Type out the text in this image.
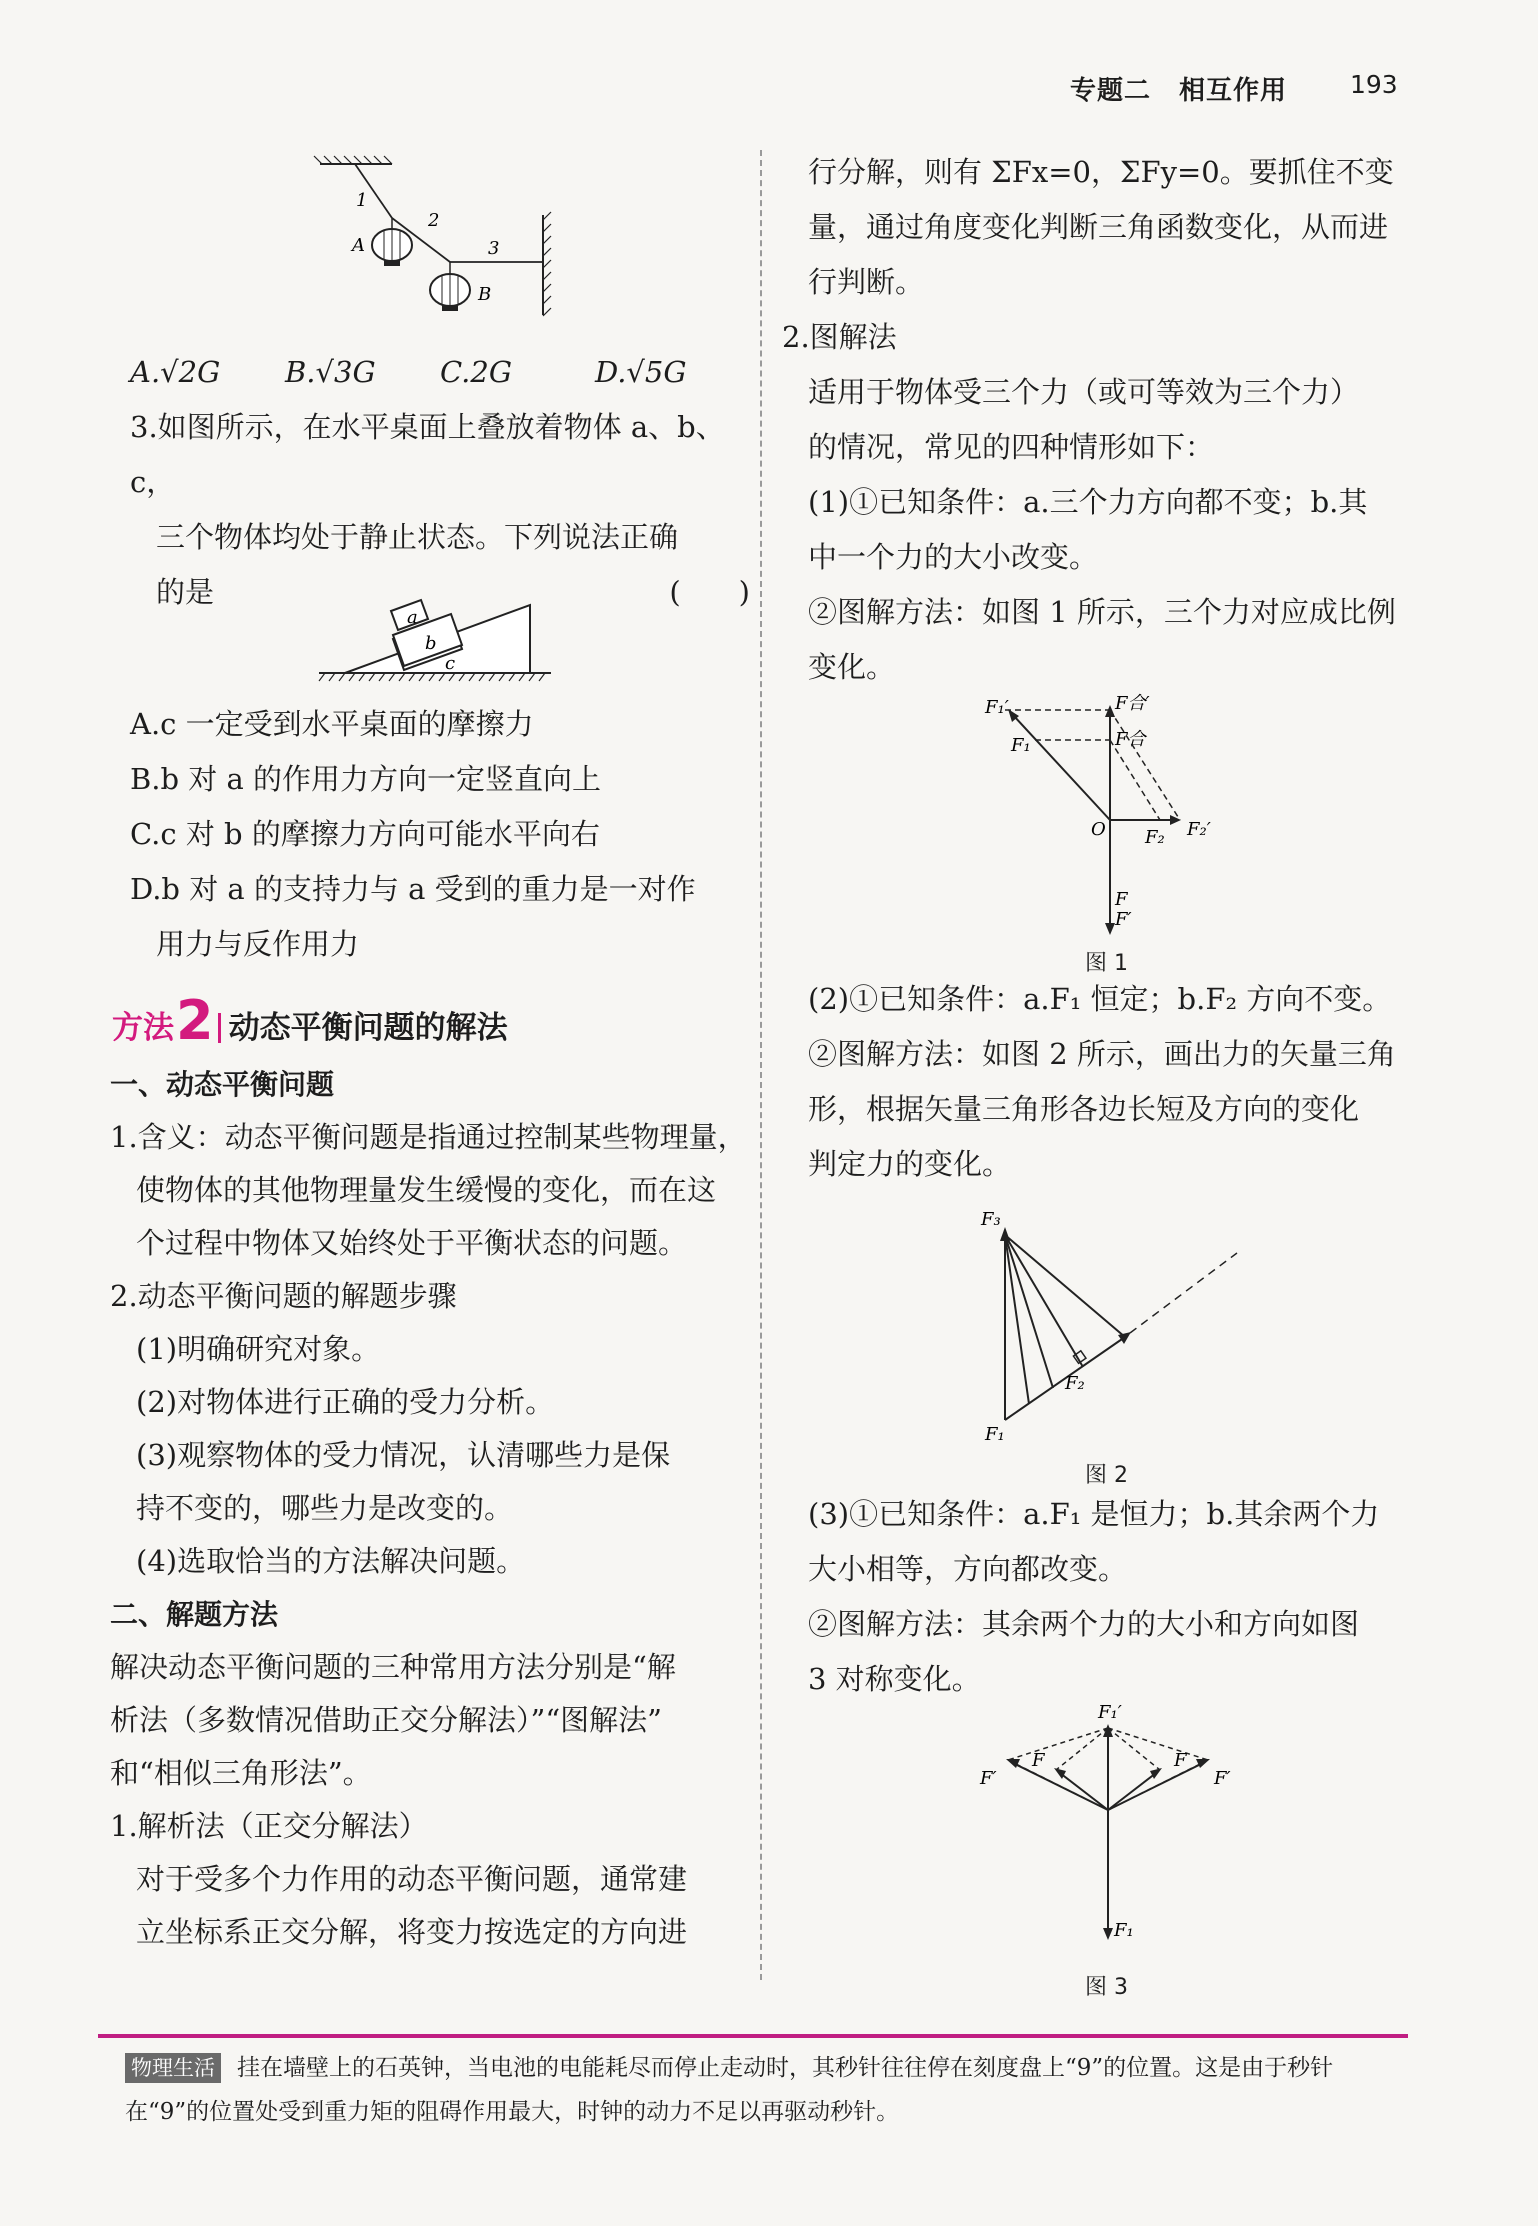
专题二 相互作用	193
1
2
3
A
B
A.√2G	B.√3G	C.2G	D.√5G

3.如图所示，在水平桌面上叠放着物体 a、b、c，

三个物体均处于静止状态。下列说法正确

的是	(　　)

a
b
c

A.c 一定受到水平桌面的摩擦力

B.b 对 a 的作用力方向一定竖直向上

C.c 对 b 的摩擦力方向可能水平向右

D.b 对 a 的支持力与 a 受到的重力是一对作

用力与反作用力

方法 2 动态平衡问题的解法

一、动态平衡问题

1.含义：动态平衡问题是指通过控制某些物理量，

使物体的其他物理量发生缓慢的变化，而在这

个过程中物体又始终处于平衡状态的问题。

2.动态平衡问题的解题步骤

(1)明确研究对象。

(2)对物体进行正确的受力分析。

(3)观察物体的受力情况，认清哪些力是保

持不变的，哪些力是改变的。

(4)选取恰当的方法解决问题。

二、解题方法

解决动态平衡问题的三种常用方法分别是“解

析法（多数情况借助正交分解法）”“图解法”

和“相似三角形法”。

1.解析法（正交分解法）

对于受多个力作用的动态平衡问题，通常建

立坐标系正交分解，将变力按选定的方向进

行分解，则有 ΣFx=0，ΣFy=0。要抓住不变

量，通过角度变化判断三角函数变化，从而进

行判断。

2.图解法

适用于物体受三个力（或可等效为三个力）

的情况，常见的四种情形如下：

(1)①已知条件：a.三个力方向都不变；b.其

中一个力的大小改变。

②图解方法：如图 1 所示，三个力对应成比例

变化。

F₁′	F合′
F₁	F合
O F₂ F₂′
F
F′
图 1

(2)①已知条件：a.F₁ 恒定；b.F₂ 方向不变。

②图解方法：如图 2 所示，画出力的矢量三角

形，根据矢量三角形各边长短及方向的变化

判定力的变化。

F₃
F₂
F₁
图 2

(3)①已知条件：a.F₁ 是恒力；b.其余两个力

大小相等，方向都改变。

②图解方法：其余两个力的大小和方向如图

3 对称变化。

F₁′
F	F
F′	F′
F₁
图 3
物理生活 挂在墙壁上的石英钟，当电池的电能耗尽而停止走动时，其秒针往往停在刻度盘上“9”的位置。这是由于秒针在“9”的位置处受到重力矩的阻碍作用最大，时钟的动力不足以再驱动秒针。
